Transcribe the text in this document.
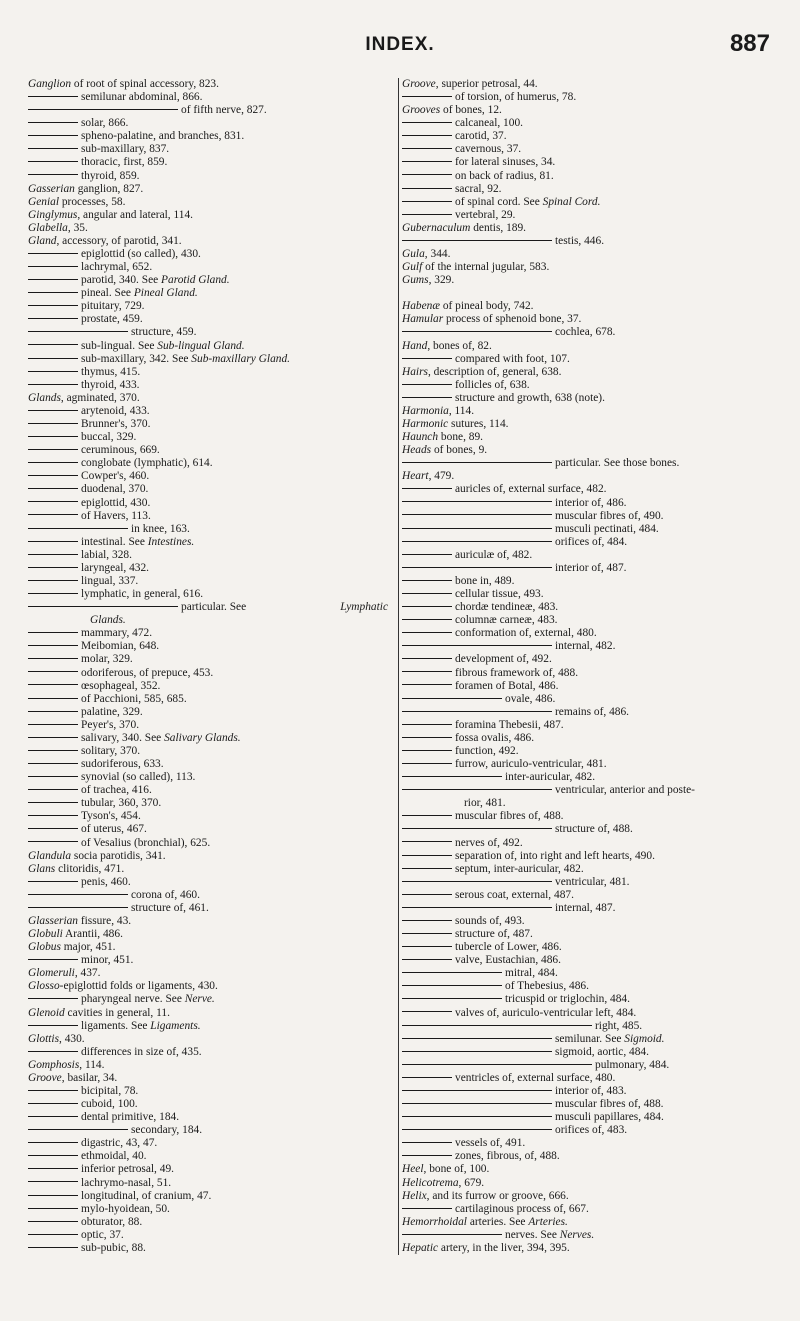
INDEX.	887
Ganglion of root of spinal accessory, 823.
semilunar abdominal, 866.
of fifth nerve, 827.
solar, 866.
spheno-palatine, and branches, 831.
sub-maxillary, 837.
thoracic, first, 859.
thyroid, 859.
Gasserian ganglion, 827.
Genial processes, 58.
Ginglymus, angular and lateral, 114.
Glabella, 35.
Gland, accessory, of parotid, 341.
epiglottid (so called), 430.
lachrymal, 652.
parotid, 340. See Parotid Gland.
pineal. See Pineal Gland.
pituitary, 729.
prostate, 459.
structure, 459.
sub-lingual. See Sub-lingual Gland.
sub-maxillary, 342. See Sub-maxillary Gland.
thymus, 415.
thyroid, 433.
Glands, agminated, 370.
arytenoid, 433.
Brunner's, 370.
buccal, 329.
ceruminous, 669.
conglobate (lymphatic), 614.
Cowper's, 460.
duodenal, 370.
epiglottid, 430.
of Havers, 113.
in knee, 163.
intestinal. See Intestines.
labial, 328.
laryngeal, 432.
lingual, 337.
lymphatic, in general, 616.
particular. See	Lymphatic
Glands.
mammary, 472.
Meibomian, 648.
molar, 329.
odoriferous, of prepuce, 453.
œsophageal, 352.
of Pacchioni, 585, 685.
palatine, 329.
Peyer's, 370.
salivary, 340. See Salivary Glands.
solitary, 370.
sudoriferous, 633.
synovial (so called), 113.
of trachea, 416.
tubular, 360, 370.
Tyson's, 454.
of uterus, 467.
of Vesalius (bronchial), 625.
Glandula socia parotidis, 341.
Glans clitoridis, 471.
penis, 460.
corona of, 460.
structure of, 461.
Glasserian fissure, 43.
Globuli Arantii, 486.
Globus major, 451.
minor, 451.
Glomeruli, 437.
Glosso-epiglottid folds or ligaments, 430.
pharyngeal nerve. See Nerve.
Glenoid cavities in general, 11.
ligaments. See Ligaments.
Glottis, 430.
differences in size of, 435.
Gomphosis, 114.
Groove, basilar, 34.
bicipital, 78.
cuboid, 100.
dental primitive, 184.
secondary, 184.
digastric, 43, 47.
ethmoidal, 40.
inferior petrosal, 49.
lachrymo-nasal, 51.
longitudinal, of cranium, 47.
mylo-hyoidean, 50.
obturator, 88.
optic, 37.
sub-pubic, 88.
Groove, superior petrosal, 44.
of torsion, of humerus, 78.
Grooves of bones, 12.
calcaneal, 100.
carotid, 37.
cavernous, 37.
for lateral sinuses, 34.
on back of radius, 81.
sacral, 92.
of spinal cord. See Spinal Cord.
vertebral, 29.
Gubernaculum dentis, 189.
testis, 446.
Gula, 344.
Gulf of the internal jugular, 583.
Gums, 329.
Habenæ of pineal body, 742.
Hamular process of sphenoid bone, 37.
cochlea, 678.
Hand, bones of, 82.
compared with foot, 107.
Hairs, description of, general, 638.
follicles of, 638.
structure and growth, 638 (note).
Harmonia, 114.
Harmonic sutures, 114.
Haunch bone, 89.
Heads of bones, 9.
particular. See those bones.
Heart, 479.
auricles of, external surface, 482.
interior of, 486.
muscular fibres of, 490.
musculi pectinati, 484.
orifices of, 484.
auriculæ of, 482.
interior of, 487.
bone in, 489.
cellular tissue, 493.
chordæ tendineæ, 483.
columnæ carneæ, 483.
conformation of, external, 480.
internal, 482.
development of, 492.
fibrous framework of, 488.
foramen of Botal, 486.
ovale, 486.
remains of, 486.
foramina Thebesii, 487.
fossa ovalis, 486.
function, 492.
furrow, auriculo-ventricular, 481.
inter-auricular, 482.
ventricular, anterior and poste-
rior, 481.
muscular fibres of, 488.
structure of, 488.
nerves of, 492.
separation of, into right and left hearts, 490.
septum, inter-auricular, 482.
ventricular, 481.
serous coat, external, 487.
internal, 487.
sounds of, 493.
structure of, 487.
tubercle of Lower, 486.
valve, Eustachian, 486.
mitral, 484.
of Thebesius, 486.
tricuspid or triglochin, 484.
valves of, auriculo-ventricular left, 484.
right, 485.
semilunar. See Sigmoid.
sigmoid, aortic, 484.
pulmonary, 484.
ventricles of, external surface, 480.
interior of, 483.
muscular fibres of, 488.
musculi papillares, 484.
orifices of, 483.
vessels of, 491.
zones, fibrous, of, 488.
Heel, bone of, 100.
Helicotrema, 679.
Helix, and its furrow or groove, 666.
cartilaginous process of, 667.
Hemorrhoidal arteries. See Arteries.
nerves. See Nerves.
Hepatic artery, in the liver, 394, 395.
